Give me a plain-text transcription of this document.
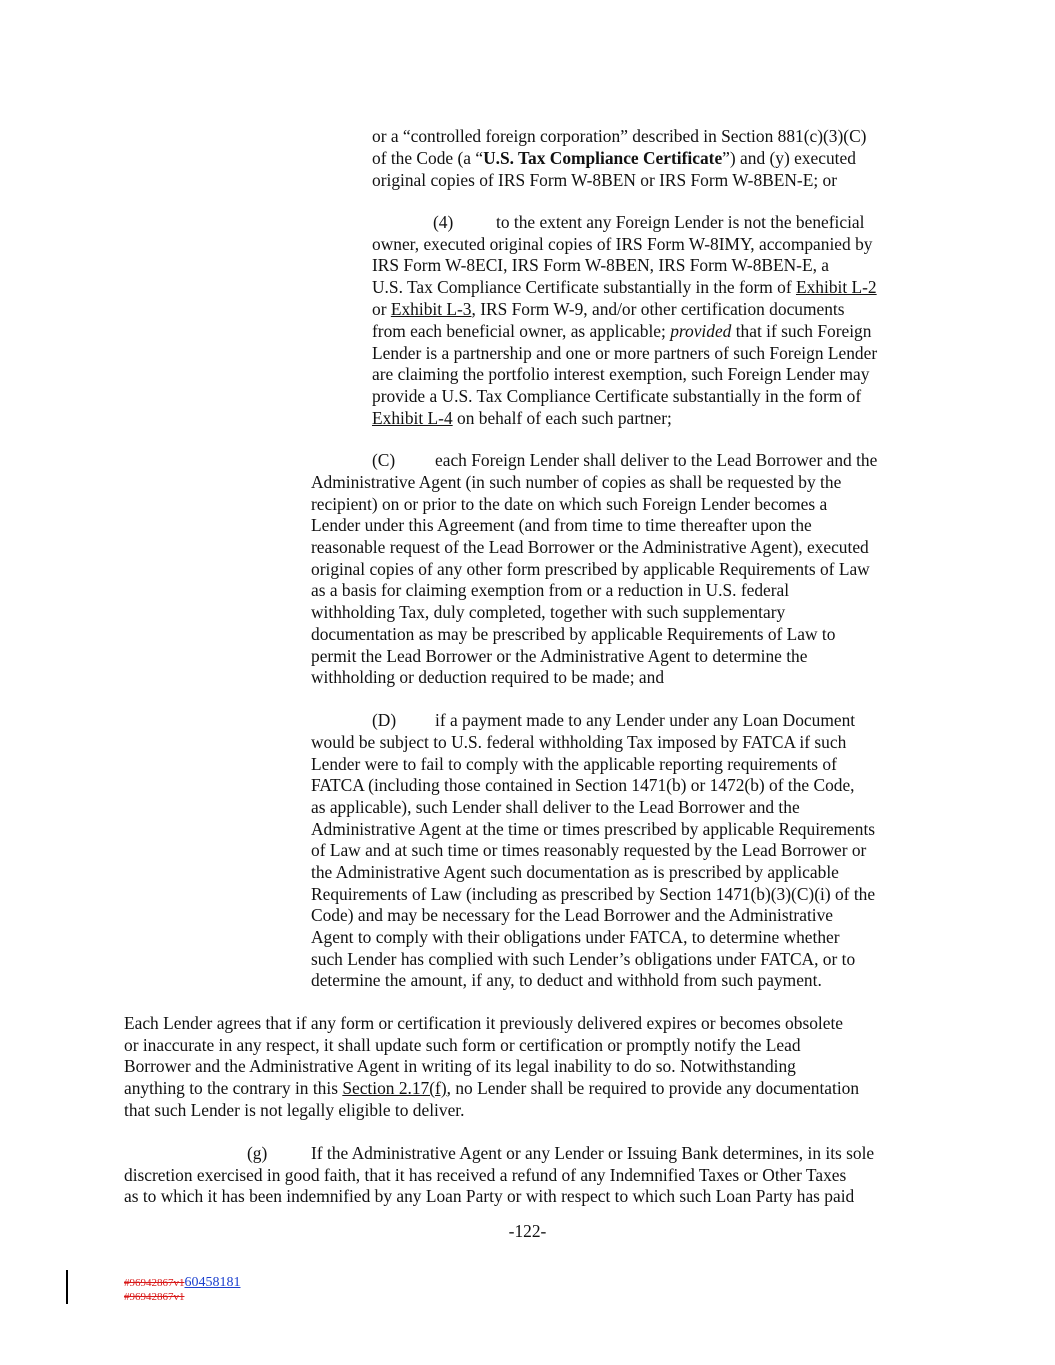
or a “controlled foreign corporation” described in Section 881(c)(3)(C)
of the Code (a “U.S. Tax Compliance Certificate”) and (y) executed
original copies of IRS Form W-8BEN or IRS Form W-8BEN-E; or
(4) to the extent any Foreign Lender is not the beneficial
owner, executed original copies of IRS Form W-8IMY, accompanied by
IRS Form W-8ECI, IRS Form W-8BEN, IRS Form W-8BEN-E, a
U.S. Tax Compliance Certificate substantially in the form of Exhibit L-2
or Exhibit L-3, IRS Form W-9, and/or other certification documents
from each beneficial owner, as applicable; provided that if such Foreign
Lender is a partnership and one or more partners of such Foreign Lender
are claiming the portfolio interest exemption, such Foreign Lender may
provide a U.S. Tax Compliance Certificate substantially in the form of
Exhibit L-4 on behalf of each such partner;
(C) each Foreign Lender shall deliver to the Lead Borrower and the
Administrative Agent (in such number of copies as shall be requested by the
recipient) on or prior to the date on which such Foreign Lender becomes a
Lender under this Agreement (and from time to time thereafter upon the
reasonable request of the Lead Borrower or the Administrative Agent), executed
original copies of any other form prescribed by applicable Requirements of Law
as a basis for claiming exemption from or a reduction in U.S. federal
withholding Tax, duly completed, together with such supplementary
documentation as may be prescribed by applicable Requirements of Law to
permit the Lead Borrower or the Administrative Agent to determine the
withholding or deduction required to be made; and
(D) if a payment made to any Lender under any Loan Document
would be subject to U.S. federal withholding Tax imposed by FATCA if such
Lender were to fail to comply with the applicable reporting requirements of
FATCA (including those contained in Section 1471(b) or 1472(b) of the Code,
as applicable), such Lender shall deliver to the Lead Borrower and the
Administrative Agent at the time or times prescribed by applicable Requirements
of Law and at such time or times reasonably requested by the Lead Borrower or
the Administrative Agent such documentation as is prescribed by applicable
Requirements of Law (including as prescribed by Section 1471(b)(3)(C)(i) of the
Code) and may be necessary for the Lead Borrower and the Administrative
Agent to comply with their obligations under FATCA, to determine whether
such Lender has complied with such Lender’s obligations under FATCA, or to
determine the amount, if any, to deduct and withhold from such payment.
Each Lender agrees that if any form or certification it previously delivered expires or becomes obsolete
or inaccurate in any respect, it shall update such form or certification or promptly notify the Lead
Borrower and the Administrative Agent in writing of its legal inability to do so. Notwithstanding
anything to the contrary in this Section 2.17(f), no Lender shall be required to provide any documentation
that such Lender is not legally eligible to deliver.
(g)	If the Administrative Agent or any Lender or Issuing Bank determines, in its sole
discretion exercised in good faith, that it has received a refund of any Indemnified Taxes or Other Taxes
as to which it has been indemnified by any Loan Party or with respect to which such Loan Party has paid
-122-
#96942867v160458181
#96942867v1
